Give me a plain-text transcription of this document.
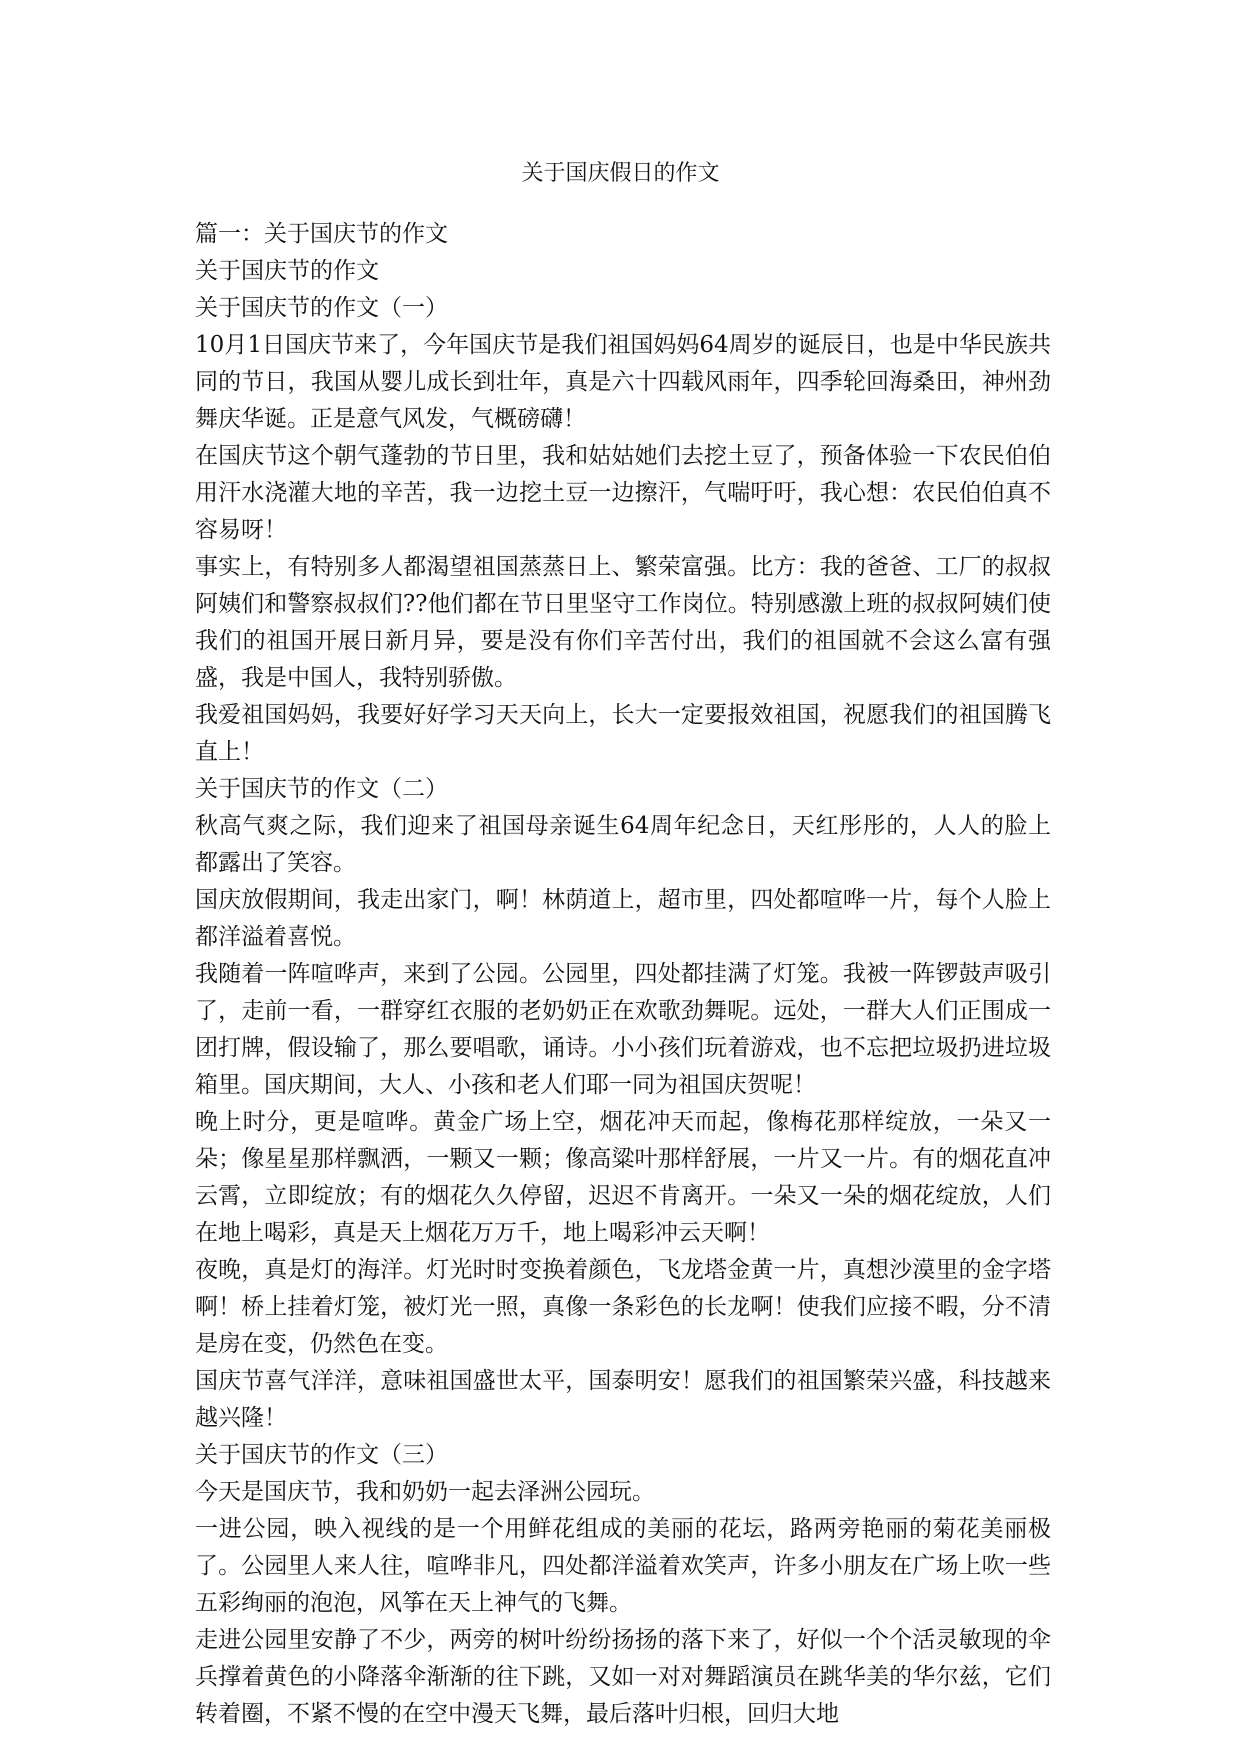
关于国庆假日的作文

篇一：关于国庆节的作文

关于国庆节的作文

关于国庆节的作文（一）

10月1日国庆节来了，今年国庆节是我们祖国妈妈64周岁的诞辰日，也是中华民族共同的节日，我国从婴儿成长到壮年，真是六十四载风雨年，四季轮回海桑田，神州劲舞庆华诞。正是意气风发，气概磅礴！

在国庆节这个朝气蓬勃的节日里，我和姑姑她们去挖土豆了，预备体验一下农民伯伯用汗水浇灌大地的辛苦，我一边挖土豆一边擦汗，气喘吁吁，我心想：农民伯伯真不容易呀！

事实上，有特别多人都渴望祖国蒸蒸日上、繁荣富强。比方：我的爸爸、工厂的叔叔阿姨们和警察叔叔们??他们都在节日里坚守工作岗位。特别感激上班的叔叔阿姨们使我们的祖国开展日新月异，要是没有你们辛苦付出，我们的祖国就不会这么富有强盛，我是中国人，我特别骄傲。

我爱祖国妈妈，我要好好学习天天向上，长大一定要报效祖国，祝愿我们的祖国腾飞直上！

关于国庆节的作文（二）

秋高气爽之际，我们迎来了祖国母亲诞生64周年纪念日，天红彤彤的，人人的脸上都露出了笑容。

国庆放假期间，我走出家门，啊！林荫道上，超市里，四处都喧哗一片，每个人脸上都洋溢着喜悦。

我随着一阵喧哗声，来到了公园。公园里，四处都挂满了灯笼。我被一阵锣鼓声吸引了，走前一看，一群穿红衣服的老奶奶正在欢歌劲舞呢。远处，一群大人们正围成一团打牌，假设输了，那么要唱歌，诵诗。小小孩们玩着游戏，也不忘把垃圾扔进垃圾箱里。国庆期间，大人、小孩和老人们耶一同为祖国庆贺呢！

晚上时分，更是喧哗。黄金广场上空，烟花冲天而起，像梅花那样绽放，一朵又一朵；像星星那样飘洒，一颗又一颗；像高粱叶那样舒展，一片又一片。有的烟花直冲云霄，立即绽放；有的烟花久久停留，迟迟不肯离开。一朵又一朵的烟花绽放，人们在地上喝彩，真是天上烟花万万千，地上喝彩冲云天啊！

夜晚，真是灯的海洋。灯光时时变换着颜色，飞龙塔金黄一片，真想沙漠里的金字塔啊！桥上挂着灯笼，被灯光一照，真像一条彩色的长龙啊！使我们应接不暇，分不清是房在变，仍然色在变。

国庆节喜气洋洋，意味祖国盛世太平，国泰明安！愿我们的祖国繁荣兴盛，科技越来越兴隆！

关于国庆节的作文（三）

今天是国庆节，我和奶奶一起去泽洲公园玩。

一进公园，映入视线的是一个用鲜花组成的美丽的花坛，路两旁艳丽的菊花美丽极了。公园里人来人往，喧哗非凡，四处都洋溢着欢笑声，许多小朋友在广场上吹一些五彩绚丽的泡泡，风筝在天上神气的飞舞。

走进公园里安静了不少，两旁的树叶纷纷扬扬的落下来了，好似一个个活灵敏现的伞兵撑着黄色的小降落伞渐渐的往下跳，又如一对对舞蹈演员在跳华美的华尔兹，它们转着圈，不紧不慢的在空中漫天飞舞，最后落叶归根，回归大地
